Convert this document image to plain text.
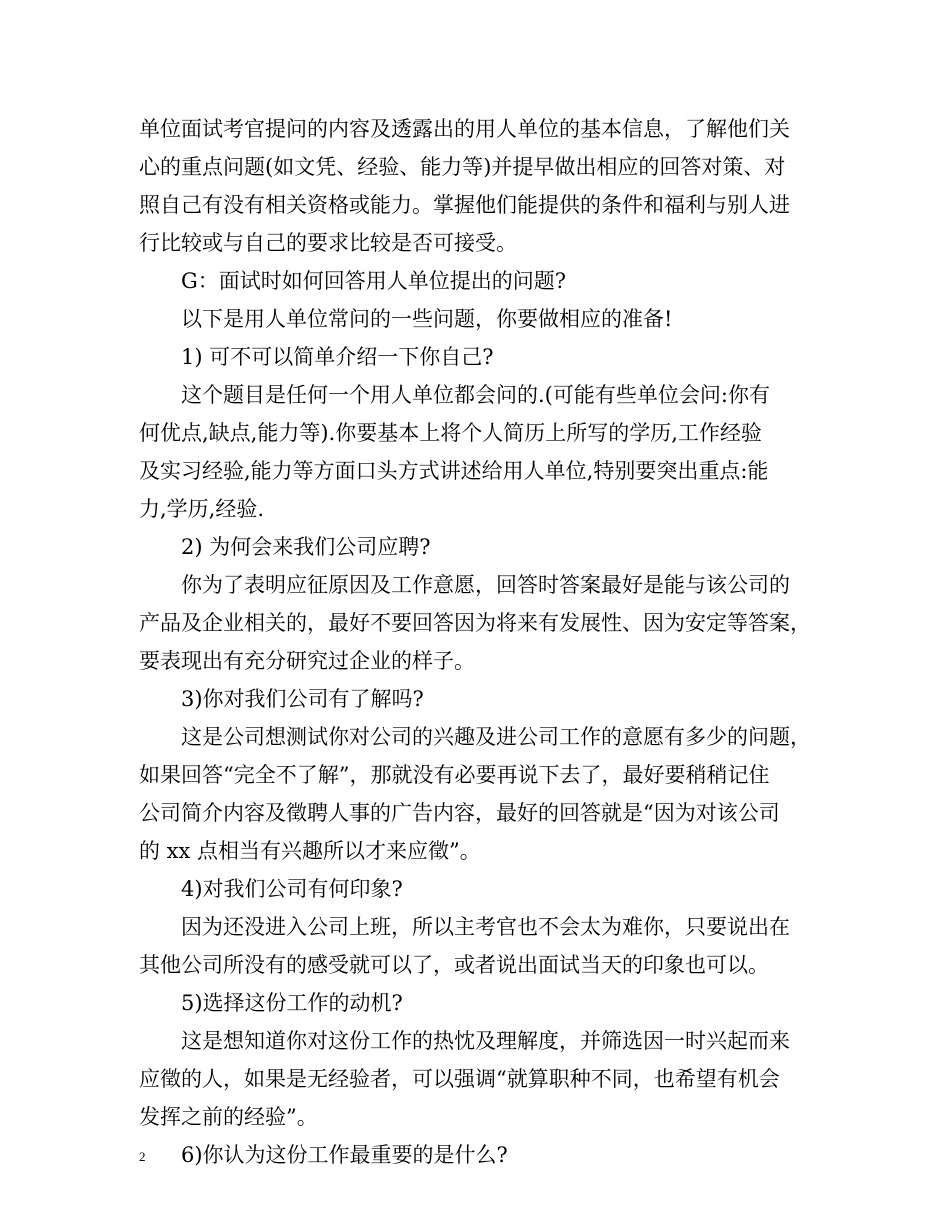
单位面试考官提问的内容及透露出的用人单位的基本信息，了解他们关
心的重点问题(如文凭、经验、能力等)并提早做出相应的回答对策、对
照自己有没有相关资格或能力。掌握他们能提供的条件和福利与别人进
行比较或与自己的要求比较是否可接受。
G：面试时如何回答用人单位提出的问题?
以下是用人单位常问的一些问题，你要做相应的准备!
1) 可不可以简单介绍一下你自己?
这个题目是任何一个用人单位都会问的.(可能有些单位会问:你有
何优点,缺点,能力等).你要基本上将个人简历上所写的学历,工作经验
及实习经验,能力等方面口头方式讲述给用人单位,特别要突出重点:能
力,学历,经验.
2) 为何会来我们公司应聘?
你为了表明应征原因及工作意愿，回答时答案最好是能与该公司的
产品及企业相关的，最好不要回答因为将来有发展性、因为安定等答案，
要表现出有充分研究过企业的样子。
3)你对我们公司有了解吗?
这是公司想测试你对公司的兴趣及进公司工作的意愿有多少的问题，
如果回答“完全不了解”，那就没有必要再说下去了，最好要稍稍记住
公司简介内容及徵聘人事的广告内容，最好的回答就是“因为对该公司
的 xx 点相当有兴趣所以才来应徵”。
4)对我们公司有何印象?
因为还没进入公司上班，所以主考官也不会太为难你，只要说出在
其他公司所没有的感受就可以了，或者说出面试当天的印象也可以。
5)选择这份工作的动机?
这是想知道你对这份工作的热忱及理解度，并筛选因一时兴起而来
应徵的人，如果是无经验者，可以强调“就算职种不同，也希望有机会
发挥之前的经验”。
6)你认为这份工作最重要的是什么?
2
